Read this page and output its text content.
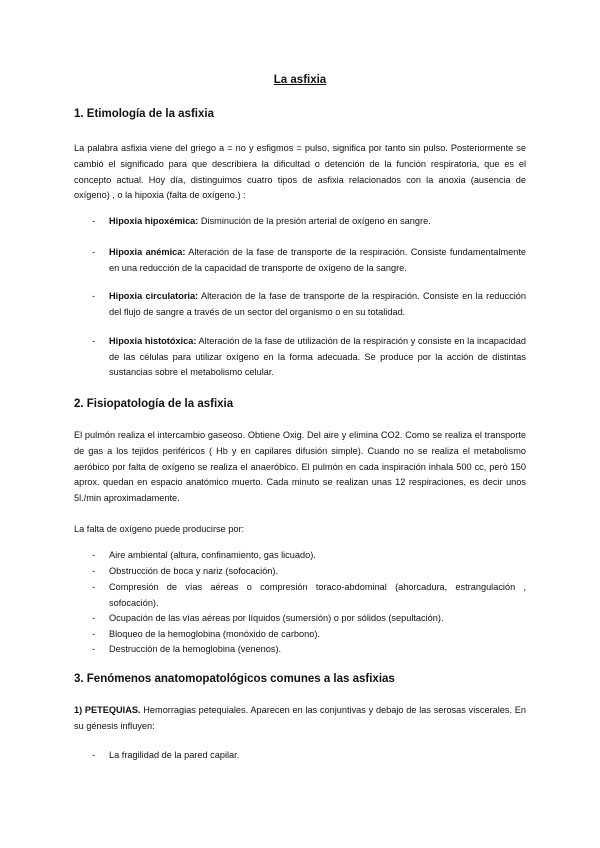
La asfixia
1. Etimología de la asfixia

La palabra asfixia viene del griego a = no y esfigmos = pulso, significa por tanto sin pulso. Posteriormente se cambió el significado para que describiera la dificultad o detención de la función respiratoria, que es el concepto actual. Hoy día, distinguimos cuatro tipos de asfixia relacionados con la anoxia (ausencia de oxígeno) , o la hipoxia (falta de oxígeno.) :

- Hipoxia hipoxémica: Disminución de la presión arterial de oxígeno en sangre.
- Hipoxia anémica: Alteración de la fase de transporte de la respiración. Consiste fundamentalmente en una reducción de la capacidad de transporte de oxígeno de la sangre.
- Hipoxia circulatoria: Alteración de la fase de transporte de la respiración. Consiste en la reducción del flujo de sangre a través de un sector del organismo o en su totalidad.
- Hipoxia histotóxica: Alteración de la fase de utilización de la respiración y consiste en la incapacidad de las células para utilizar oxígeno en la forma adecuada. Se produce por la acción de distintas sustancias sobre el metabolismo celular.
2. Fisiopatología de la asfixia

El pulmón realiza el intercambio gaseoso. Obtiene Oxig. Del aire y elimina CO2. Como se realiza el transporte de gas a los tejidos periféricos ( Hb y en capilares difusión simple). Cuando no se realiza el metabolismo aeróbico por falta de oxígeno se realiza el anaeróbico. El pulmón en cada inspiración inhala 500 cc, però 150 aprox. quedan en espacio anatómico muerto. Cada minuto se realizan unas 12 respiraciones, es decir unos 5l./min aproximadamente.

La falta de oxígeno puede producirse por:

- Aire ambiental (altura, confinamiento, gas licuado).
- Obstrucción de boca y nariz (sofocación).
- Compresión de vías aéreas o compresión toraco-abdominal (ahorcadura, estrangulación , sofocación).
- Ocupación de las vías aéreas por líquidos (sumersión) o por sólidos (sepultación).
- Bloqueo de la hemoglobina (monóxido de carbono).
- Destrucción de la hemoglobina (venenos).
3. Fenómenos anatomopatológicos comunes a las asfixias

1) PETEQUIAS. Hemorragias petequiales. Aparecen en las conjuntivas y debajo de las serosas viscerales. En su génesis influyen:

- La fragilidad de la pared capilar.
